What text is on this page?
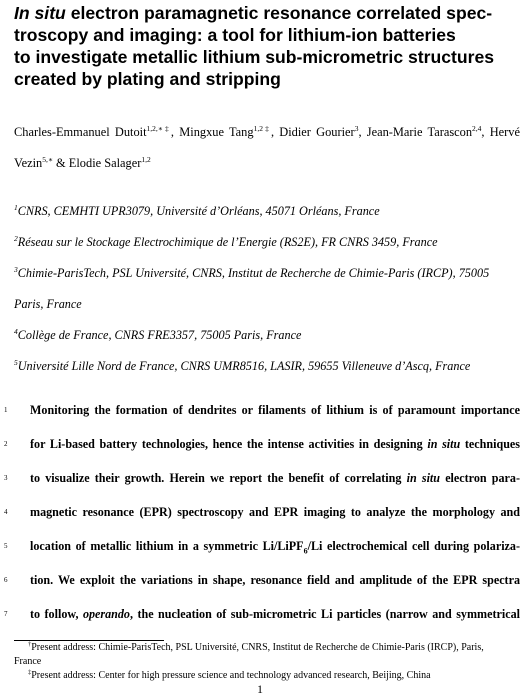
In situ electron paramagnetic resonance correlated spec-
troscopy and imaging: a tool for lithium-ion batteries
to investigate metallic lithium sub-micrometric structures
created by plating and stripping
Charles-Emmanuel Dutoit$^{1,2,∗\ddagger}$, Mingxue Tang$^{1,2\ddagger}$, Didier Gourier$^3$, Jean-Marie Tarascon$^{2,4}$, Hervé
Vezin$^{5,∗}$ & Elodie Salager$^{1,2}$
$^1$CNRS, CEMHTI UPR3079, Université d’Orléans, 45071 Orléans, France
$^2$Réseau sur le Stockage Electrochimique de l’Energie (RS2E), FR CNRS 3459, France
$^3$Chimie-ParisTech, PSL Université, CNRS, Institut de Recherche de Chimie-Paris (IRCP), 75005
Paris, France
$^4$Collège de France, CNRS FRE3357, 75005 Paris, France
$^5$Université Lille Nord de France, CNRS UMR8516, LASIR, 59655 Villeneuve d’Ascq, France
1	Monitoring the formation of dendrites or filaments of lithium is of paramount importance
2	for Li-based battery technologies, hence the intense activities in designing in situ techniques
3	to visualize their growth. Herein we report the benefit of correlating in situ electron para-
4	magnetic resonance (EPR) spectroscopy and EPR imaging to analyze the morphology and
5	location of metallic lithium in a symmetric Li/LiPF$_6$/Li electrochemical cell during polariza-
6	tion. We exploit the variations in shape, resonance field and amplitude of the EPR spectra
7	to follow, operando, the nucleation of sub-micrometric Li particles (narrow and symmetrical
†Present address: Chimie-ParisTech, PSL Université, CNRS, Institut de Recherche de Chimie-Paris (IRCP), Paris,
France
‡Present address: Center for high pressure science and technology advanced research, Beijing, China
1
